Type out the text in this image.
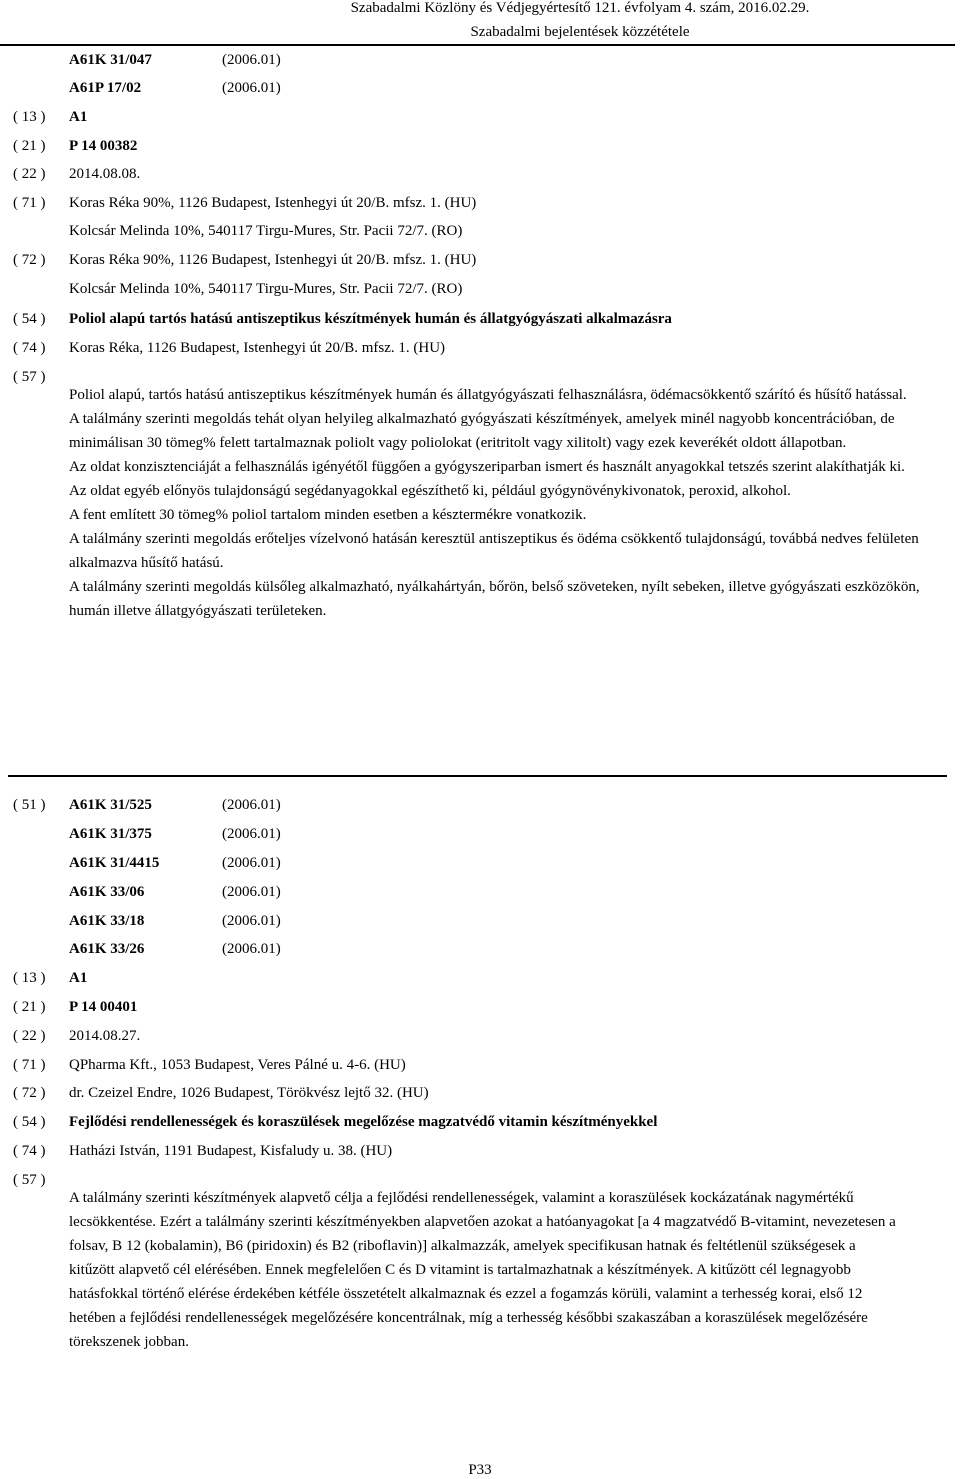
Szabadalmi Közlöny és Védjegyértesítő 121. évfolyam 4. szám, 2016.02.29.
Szabadalmi bejelentések közzététele
A61K 31/047	(2006.01)
A61P 17/02	(2006.01)
( 13 ) A1
( 21 ) P 14 00382
( 22 ) 2014.08.08.
( 71 ) Koras Réka 90%, 1126 Budapest, Istenhegyi út 20/B. mfsz. 1. (HU)
Kolcsár Melinda 10%, 540117 Tirgu-Mures, Str. Pacii 72/7. (RO)
( 72 ) Koras Réka 90%, 1126 Budapest, Istenhegyi út 20/B. mfsz. 1. (HU)
Kolcsár Melinda 10%, 540117 Tirgu-Mures, Str. Pacii 72/7. (RO)
( 54 ) Poliol alapú tartós hatású antiszeptikus készítmények humán és állatgyógyászati alkalmazásra
( 74 ) Koras Réka, 1126 Budapest, Istenhegyi út 20/B. mfsz. 1. (HU)
( 57 )

Poliol alapú, tartós hatású antiszeptikus készítmények humán és állatgyógyászati felhasználásra, ödémacsökkentő szárító és hűsítő hatással.

A találmány szerinti megoldás tehát olyan helyileg alkalmazható gyógyászati készítmények, amelyek minél nagyobb koncentrációban, de minimálisan 30 tömeg% felett tartalmaznak poliolt vagy poliolokat (eritritolt vagy xilitolt) vagy ezek keverékét oldott állapotban.

Az oldat konzisztenciáját a felhasználás igényétől függően a gyógyszeriparban ismert és használt anyagokkal tetszés szerint alakíthatják ki.

Az oldat egyéb előnyös tulajdonságú segédanyagokkal egészíthető ki, például gyógynövénykivonatok, peroxid, alkohol.

A fent említett 30 tömeg% poliol tartalom minden esetben a késztermékre vonatkozik.

A találmány szerinti megoldás erőteljes vízelvonó hatásán keresztül antiszeptikus és ödéma csökkentő tulajdonságú, továbbá nedves felületen alkalmazva hűsítő hatású.

A találmány szerinti megoldás külsőleg alkalmazható, nyálkahártyán, bőrön, belső szöveteken, nyílt sebeken, illetve gyógyászati eszközökön, humán illetve állatgyógyászati területeken.

( 51 ) A61K 31/525	(2006.01)
A61K 31/375	(2006.01)
A61K 31/4415	(2006.01)
A61K 33/06	(2006.01)
A61K 33/18	(2006.01)
A61K 33/26	(2006.01)
( 13 ) A1
( 21 ) P 14 00401
( 22 ) 2014.08.27.
( 71 ) QPharma Kft., 1053 Budapest, Veres Pálné u. 4-6. (HU)
( 72 ) dr. Czeizel Endre, 1026 Budapest, Törökvész lejtő 32. (HU)
( 54 ) Fejlődési rendellenességek és koraszülések megelőzése magzatvédő vitamin készítményekkel
( 74 ) Hatházi István, 1191 Budapest, Kisfaludy u. 38. (HU)
( 57 )

A találmány szerinti készítmények alapvető célja a fejlődési rendellenességek, valamint a koraszülések kockázatának nagymértékű lecsökkentése. Ezért a találmány szerinti készítményekben alapvetően azokat a hatóanyagokat [a 4 magzatvédő B-vitamint, nevezetesen a folsav, B 12 (kobalamin), B6 (piridoxin) és B2 (riboflavin)] alkalmazzák, amelyek specifikusan hatnak és feltétlenül szükségesek a kitűzött alapvető cél elérésében. Ennek megfelelően C és D vitamint is tartalmazhatnak a készítmények. A kitűzött cél legnagyobb hatásfokkal történő elérése érdekében kétféle összetételt alkalmaznak és ezzel a fogamzás körüli, valamint a terhesség korai, első 12 hetében a fejlődési rendellenességek megelőzésére koncentrálnak, míg a terhesség későbbi szakaszában a koraszülések megelőzésére törekszenek jobban.

P33
